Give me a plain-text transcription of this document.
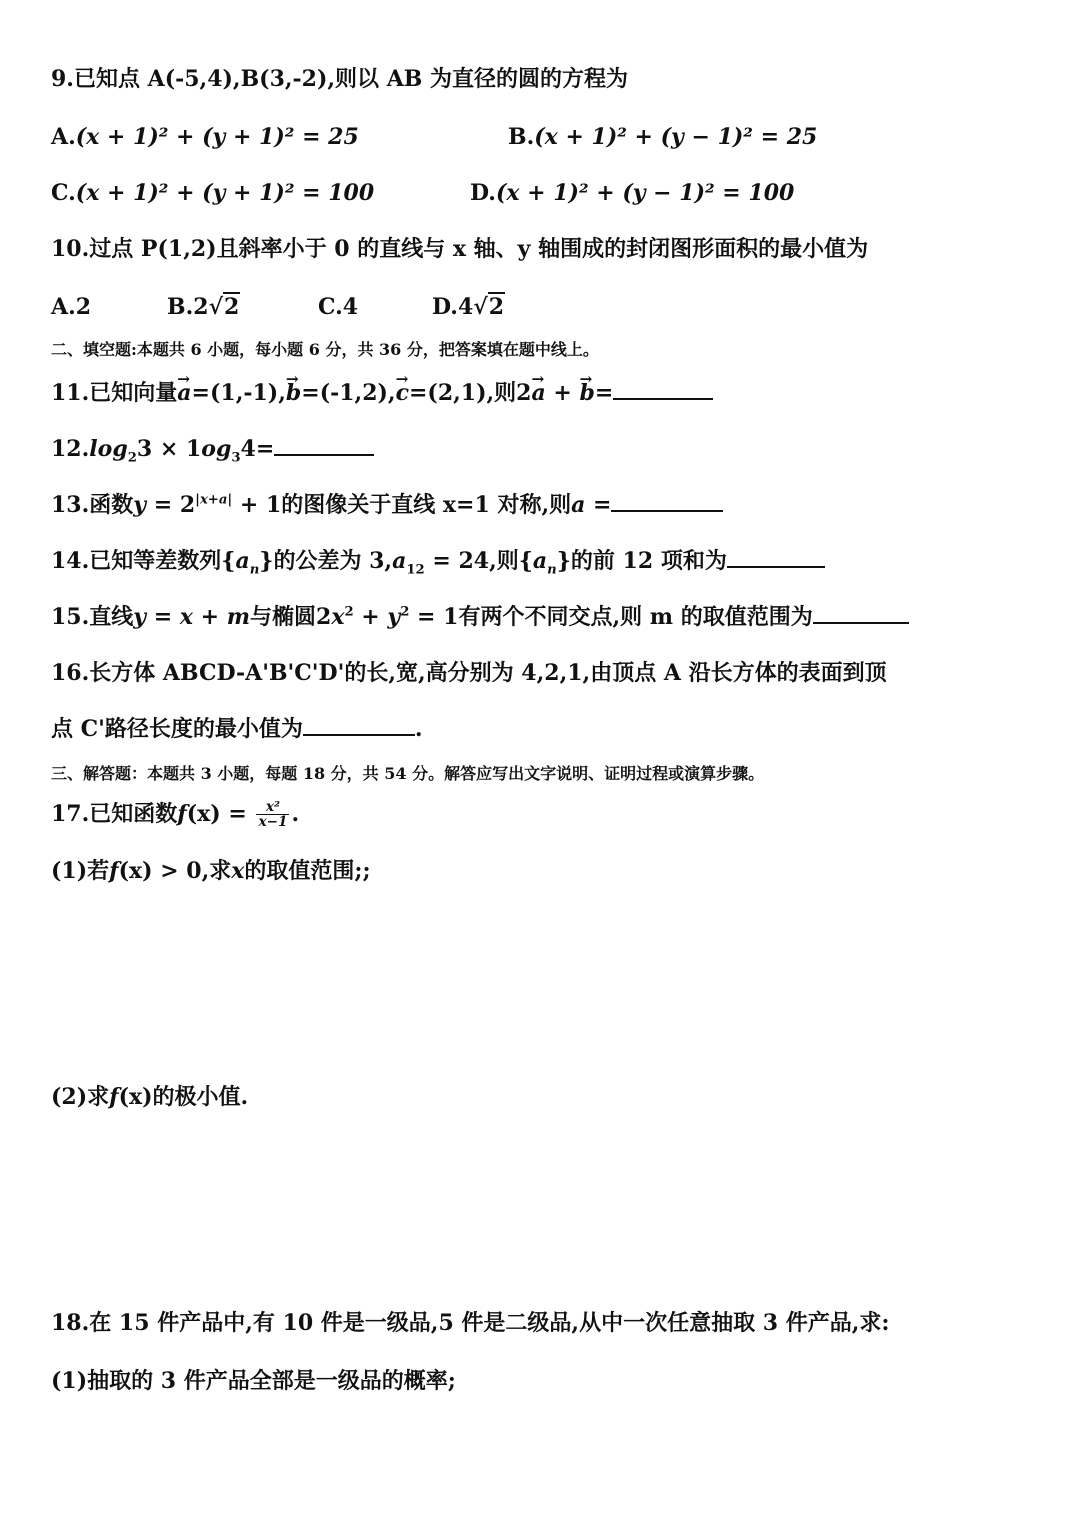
9.已知点 A(-5,4),B(3,-2),则以 AB 为直径的圆的方程为
A.(x + 1)² + (y + 1)² = 25	B.(x + 1)² + (y − 1)² = 25
C.(x + 1)² + (y + 1)² = 100	D.(x + 1)² + (y − 1)² = 100
10.过点 P(1,2)且斜率小于 0 的直线与 x 轴、y 轴围成的封闭图形面积的最小值为
A.2	B.2√2	C.4	D.4√2
二、填空题:本题共 6 小题，每小题 6 分，共 36 分，把答案填在题中线上。
11.已知向量→ a=(1,-1),→ b=(-1,2),→ c=(2,1),则2→ a + → b=
$12.\log_23 \times 1og_34=$
13.函数$y = 2^{|x+a|} + 1$的图像关于直线 x=1 对称,则a =
14.已知等差数列$\{a_n\}$的公差为 $3,a_{12} = 24$,则$\{a_n\}$的前 12 项和为
15.直线y = x + m与椭圆$2x^2 + y^2 = 1$有两个不同交点,则 m 的取值范围为
16.长方体 ABCD-A'B'C'D'的长,宽,高分别为 4,2,1,由顶点 A 沿长方体的表面到顶
点 C'路径长度的最小值为	.
三、解答题：本题共 3 小题，每题 18 分，共 54 分。解答应写出文字说明、证明过程或演算步骤。
17.已知函数$f(x) = \frac{\text{x²}}{x-1}$ .
(1)若f(x) > 0,求x的取值范围;;
(2)求f(x)的极小值.
18.在 15 件产品中,有 10 件是一级品,5 件是二级品,从中一次任意抽取 3 件产品,求:
(1)抽取的 3 件产品全部是一级品的概率;
